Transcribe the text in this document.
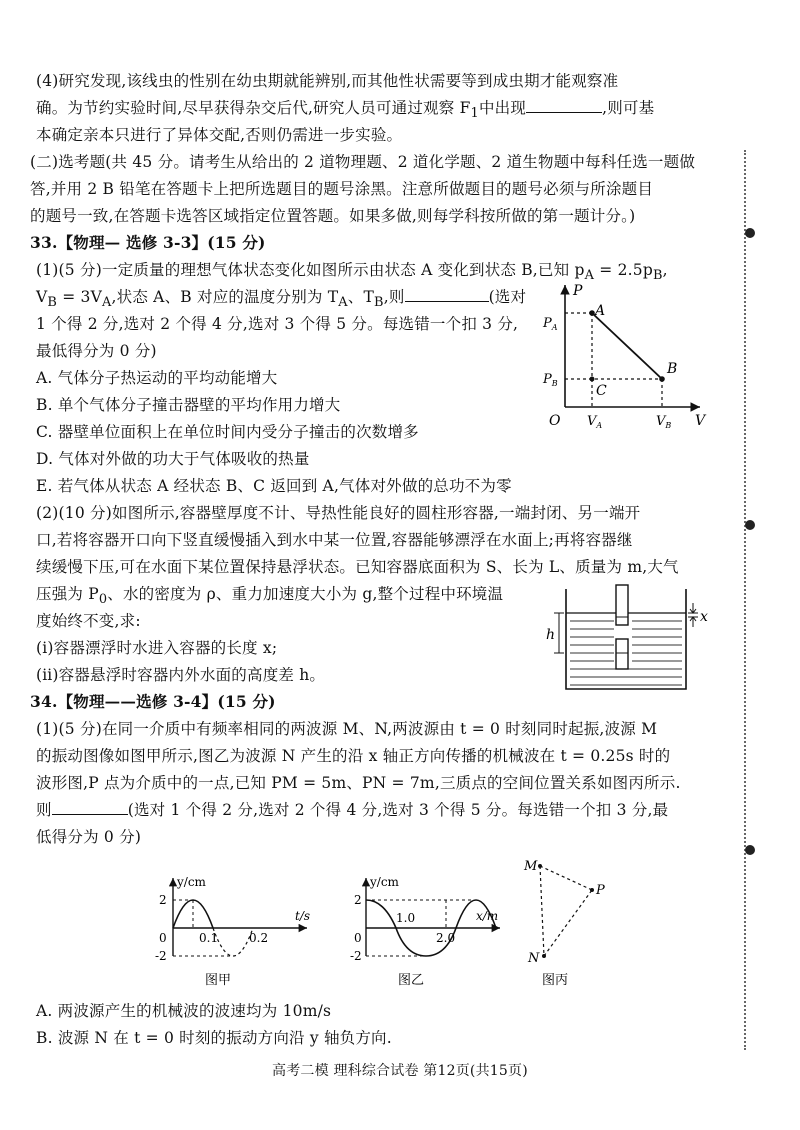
(4)研究发现,该线虫的性别在幼虫期就能辨别,而其他性状需要等到成虫期才能观察准
确。为节约实验时间,尽早获得杂交后代,研究人员可通过观察 $F_1$中出现	,则可基
本确定亲本只进行了异体交配,否则仍需进一步实验。
(二)选考题(共 45 分。请考生从给出的 2 道物理题、2 道化学题、2 道生物题中每科任选一题做
答,并用 2 B 铅笔在答题卡上把所选题目的题号涂黑。注意所做题目的题号必须与所涂题目
的题号一致,在答题卡选答区域指定位置答题。如果多做,则每学科按所做的第一题计分。)
33.【物理— 选修 3-3】(15 分)
(1)(5 分)一定质量的理想气体状态变化如图所示由状态 A 变化到状态 B,已知 $p_A = 2.5p_B$,
$V_B = 3V_A$,状态 A、B 对应的温度分别为 $T_A$、$T_B$,则	(选对
1 个得 2 分,选对 2 个得 4 分,选对 3 个得 5 分。每选错一个扣 3 分,
最低得分为 0 分)
A. 气体分子热运动的平均动能增大
B. 单个气体分子撞击器壁的平均作用力增大
C. 器壁单位面积上在单位时间内受分子撞击的次数增多
D. 气体对外做的功大于气体吸收的热量
E. 若气体从状态 A 经状态 B、C 返回到 A,气体对外做的总功不为零
P
V
O
$P_A$
$P_B$
$V_A$	$V_B$
A
B
C
(2)(10 分)如图所示,容器壁厚度不计、导热性能良好的圆柱形容器,一端封闭、另一端开
口,若将容器开口向下竖直缓慢插入到水中某一位置,容器能够漂浮在水面上;再将容器继
续缓慢下压,可在水面下某位置保持悬浮状态。已知容器底面积为 S、长为 L、质量为 m,大气
压强为 $P_0$、水的密度为 ρ、重力加速度大小为 g,整个过程中环境温
度始终不变,求:
(ⅰ)容器漂浮时水进入容器的长度 x;
(ⅱ)容器悬浮时容器内外水面的高度差 h。
h
x
34.【物理——选修 3-4】(15 分)
(1)(5 分)在同一介质中有频率相同的两波源 M、N,两波源由 t = 0 时刻同时起振,波源 M
的振动图像如图甲所示,图乙为波源 N 产生的沿 x 轴正方向传播的机械波在 t = 0.25s 时的
波形图,P 点为介质中的一点,已知 PM = 5m、PN = 7m,三质点的空间位置关系如图丙所示.
则	(选对 1 个得 2 分,选对 2 个得 4 分,选对 3 个得 5 分。每选错一个扣 3 分,最
低得分为 0 分)
y/cm
t/s
2
-2
0	0.1	0.2
图甲
y/cm
x/m
2
-2
0
1.0
2.0
图乙
M
P
N
图丙
A. 两波源产生的机械波的波速均为 10m/s
B. 波源 N 在 t = 0 时刻的振动方向沿 y 轴负方向.
高考二模 理科综合试卷 第12页(共15页)
